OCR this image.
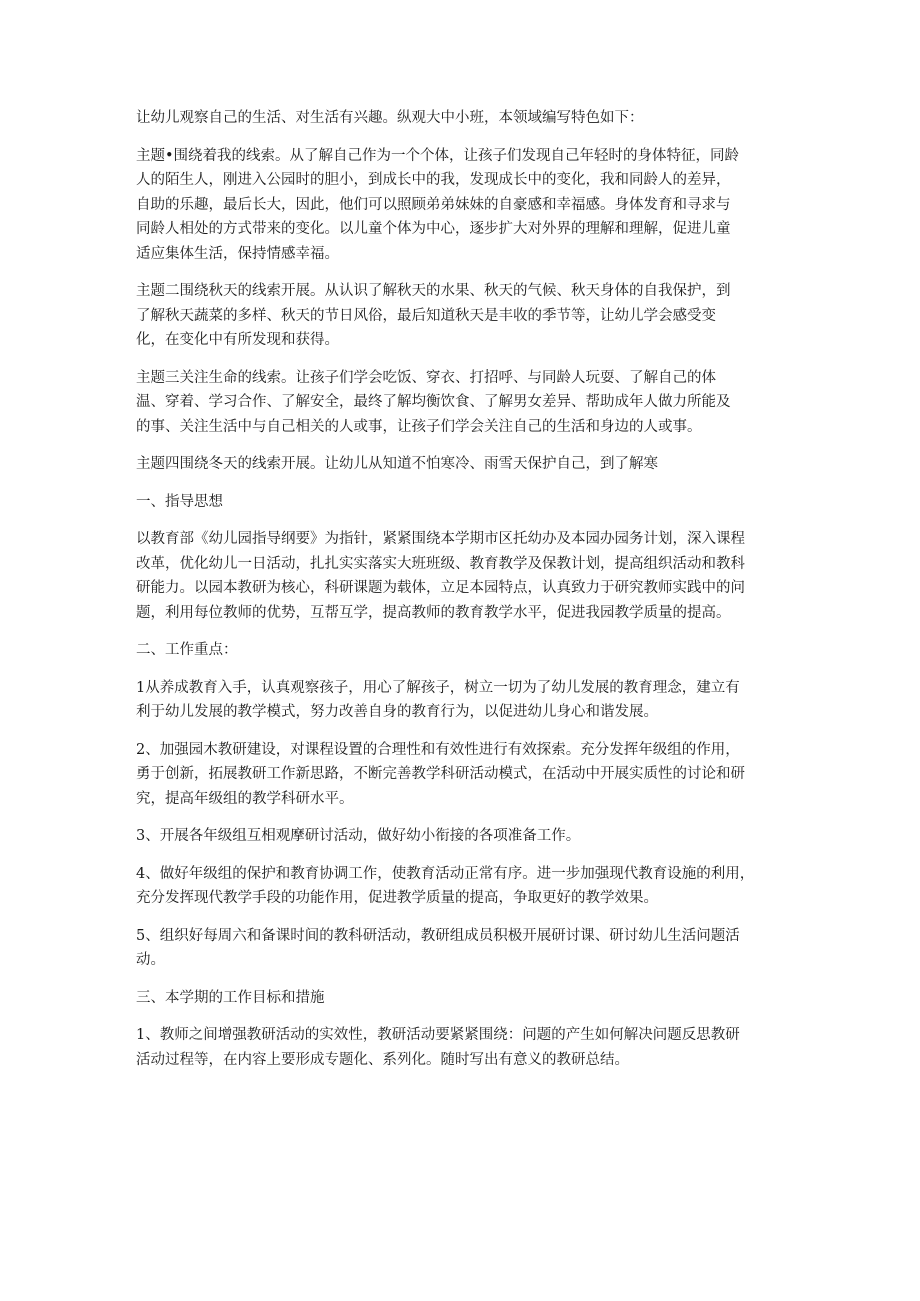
让幼儿观察自己的生活、对生活有兴趣。纵观大中小班，本领域编写特色如下：
主题•围绕着我的线索。从了解自己作为一个个体，让孩子们发现自己年轻时的身体特征，同龄
人的陌生人，刚进入公园时的胆小，到成长中的我，发现成长中的变化，我和同龄人的差异，
自助的乐趣，最后长大，因此，他们可以照顾弟弟妹妹的自豪感和幸福感。身体发育和寻求与
同龄人相处的方式带来的变化。以儿童个体为中心，逐步扩大对外界的理解和理解，促进儿童
适应集体生活，保持情感幸福。
主题二围绕秋天的线索开展。从认识了解秋天的水果、秋天的气候、秋天身体的自我保护，到
了解秋天蔬菜的多样、秋天的节日风俗，最后知道秋天是丰收的季节等，让幼儿学会感受变
化，在变化中有所发现和获得。
主题三关注生命的线索。让孩子们学会吃饭、穿衣、打招呼、与同龄人玩耍、了解自己的体
温、穿着、学习合作、了解安全，最终了解均衡饮食、了解男女差异、帮助成年人做力所能及
的事、关注生活中与自己相关的人或事，让孩子们学会关注自己的生活和身边的人或事。
主题四围绕冬天的线索开展。让幼儿从知道不怕寒冷、雨雪天保护自己，到了解寒
一、指导思想
以教育部《幼儿园指导纲要》为指针，紧紧围绕本学期市区托幼办及本园办园务计划，深入课程
改革，优化幼儿一日活动，扎扎实实落实大班班级、教育教学及保教计划，提高组织活动和教科
研能力。以园本教研为核心，科研课题为载体，立足本园特点，认真致力于研究教师实践中的问
题，利用每位教师的优势，互帮互学，提高教师的教育教学水平，促进我园教学质量的提高。
二、工作重点：
1从养成教育入手，认真观察孩子，用心了解孩子，树立一切为了幼儿发展的教育理念，建立有
利于幼儿发展的教学模式，努力改善自身的教育行为，以促进幼儿身心和谐发展。
2、加强园木教研建设，对课程设置的合理性和有效性进行有效探索。充分发挥年级组的作用，
勇于创新，拓展教研工作新思路，不断完善教学科研活动模式，在活动中开展实质性的讨论和研
究，提高年级组的教学科研水平。
3、开展各年级组互相观摩研讨活动，做好幼小衔接的各项准备工作。
4、做好年级组的保护和教育协调工作，使教育活动正常有序。进一步加强现代教育设施的利用，
充分发挥现代教学手段的功能作用，促进教学质量的提高，争取更好的教学效果。
5、组织好每周六和备课时间的教科研活动，教研组成员积极开展研讨课、研讨幼儿生活问题活
动。
三、本学期的工作目标和措施
1、教师之间增强教研活动的实效性，教研活动要紧紧围绕：问题的产生如何解决问题反思教研
活动过程等，在内容上要形成专题化、系列化。随时写出有意义的教研总结。
